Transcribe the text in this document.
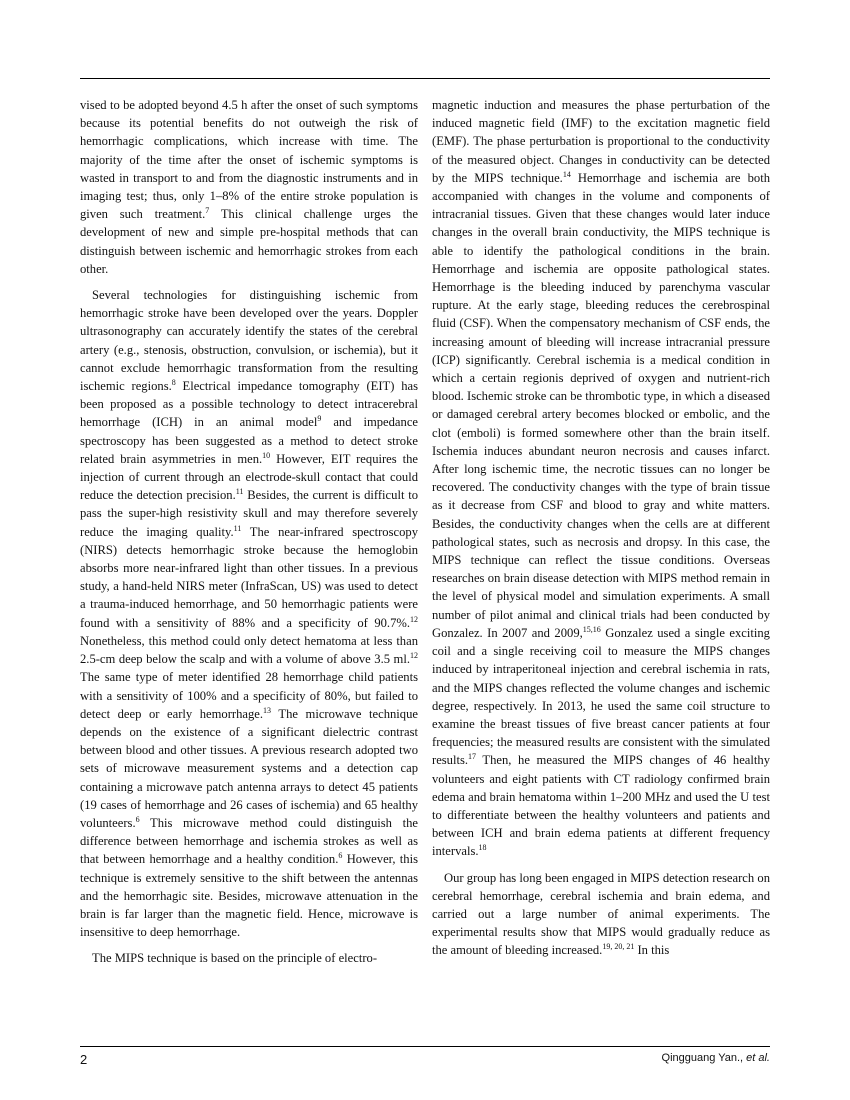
vised to be adopted beyond 4.5 h after the onset of such symptoms because its potential benefits do not outweigh the risk of hemorrhagic complications, which increase with time. The majority of the time after the onset of ischemic symptoms is wasted in transport to and from the diagnostic instruments and in imaging test; thus, only 1–8% of the entire stroke population is given such treatment.$^7$ This clinical challenge urges the development of new and simple pre-hospital methods that can distinguish between ischemic and hemorrhagic strokes from each other.

Several technologies for distinguishing ischemic from hemorrhagic stroke have been developed over the years. Doppler ultrasonography can accurately identify the states of the cerebral artery (e.g., stenosis, obstruction, convulsion, or ischemia), but it cannot exclude hemorrhagic transformation from the resulting ischemic regions.$^8$ Electrical impedance tomography (EIT) has been proposed as a possible technology to detect intracerebral hemorrhage (ICH) in an animal model$^9$ and impedance spectroscopy has been suggested as a method to detect stroke related brain asymmetries in men.$^{10}$ However, EIT requires the injection of current through an electrode-skull contact that could reduce the detection precision.$^{11}$ Besides, the current is difficult to pass the super-high resistivity skull and may therefore severely reduce the imaging quality.$^{11}$ The near-infrared spectroscopy (NIRS) detects hemorrhagic stroke because the hemoglobin absorbs more near-infrared light than other tissues. In a previous study, a hand-held NIRS meter (InfraScan, US) was used to detect a trauma-induced hemorrhage, and 50 hemorrhagic patients were found with a sensitivity of 88% and a specificity of 90.7%.$^{12}$ Nonetheless, this method could only detect hematoma at less than 2.5-cm deep below the scalp and with a volume of above 3.5 ml.$^{12}$ The same type of meter identified 28 hemorrhage child patients with a sensitivity of 100% and a specificity of 80%, but failed to detect deep or early hemorrhage.$^{13}$ The microwave technique depends on the existence of a significant dielectric contrast between blood and other tissues. A previous research adopted two sets of microwave measurement systems and a detection cap containing a microwave patch antenna arrays to detect 45 patients (19 cases of hemorrhage and 26 cases of ischemia) and 65 healthy volunteers.$^6$ This microwave method could distinguish the difference between hemorrhage and ischemia strokes as well as that between hemorrhage and a healthy condition.$^6$ However, this technique is extremely sensitive to the shift between the antennas and the hemorrhagic site. Besides, microwave attenuation in the brain is far larger than the magnetic field. Hence, microwave is insensitive to deep hemorrhage.

The MIPS technique is based on the principle of electro-

magnetic induction and measures the phase perturbation of the induced magnetic field (IMF) to the excitation magnetic field (EMF). The phase perturbation is proportional to the conductivity of the measured object. Changes in conductivity can be detected by the MIPS technique.$^{14}$ Hemorrhage and ischemia are both accompanied with changes in the volume and components of intracranial tissues. Given that these changes would later induce changes in the overall brain conductivity, the MIPS technique is able to identify the pathological conditions in the brain. Hemorrhage and ischemia are opposite pathological states. Hemorrhage is the bleeding induced by parenchyma vascular rupture. At the early stage, bleeding reduces the cerebrospinal fluid (CSF). When the compensatory mechanism of CSF ends, the increasing amount of bleeding will increase intracranial pressure (ICP) significantly. Cerebral ischemia is a medical condition in which a certain regionis deprived of oxygen and nutrient-rich blood. Ischemic stroke can be thrombotic type, in which a diseased or damaged cerebral artery becomes blocked or embolic, and the clot (emboli) is formed somewhere other than the brain itself. Ischemia induces abundant neuron necrosis and causes infarct. After long ischemic time, the necrotic tissues can no longer be recovered. The conductivity changes with the type of brain tissue as it decrease from CSF and blood to gray and white matters. Besides, the conductivity changes when the cells are at different pathological states, such as necrosis and dropsy. In this case, the MIPS technique can reflect the tissue conditions. Overseas researches on brain disease detection with MIPS method remain in the level of physical model and simulation experiments. A small number of pilot animal and clinical trials had been conducted by Gonzalez. In 2007 and 2009,$^{15,16}$ Gonzalez used a single exciting coil and a single receiving coil to measure the MIPS changes induced by intraperitoneal injection and cerebral ischemia in rats, and the MIPS changes reflected the volume changes and ischemic degree, respectively. In 2013, he used the same coil structure to examine the breast tissues of five breast cancer patients at four frequencies; the measured results are consistent with the simulated results.$^{17}$ Then, he measured the MIPS changes of 46 healthy volunteers and eight patients with CT radiology confirmed brain edema and brain hematoma within 1–200 MHz and used the U test to differentiate between the healthy volunteers and patients and between ICH and brain edema patients at different frequency intervals.$^{18}$

Our group has long been engaged in MIPS detection research on cerebral hemorrhage, cerebral ischemia and brain edema, and carried out a large number of animal experiments. The experimental results show that MIPS would gradually reduce as the amount of bleeding increased.$^{19, 20, 21}$ In this

2	Qingguang Yan., et al.
